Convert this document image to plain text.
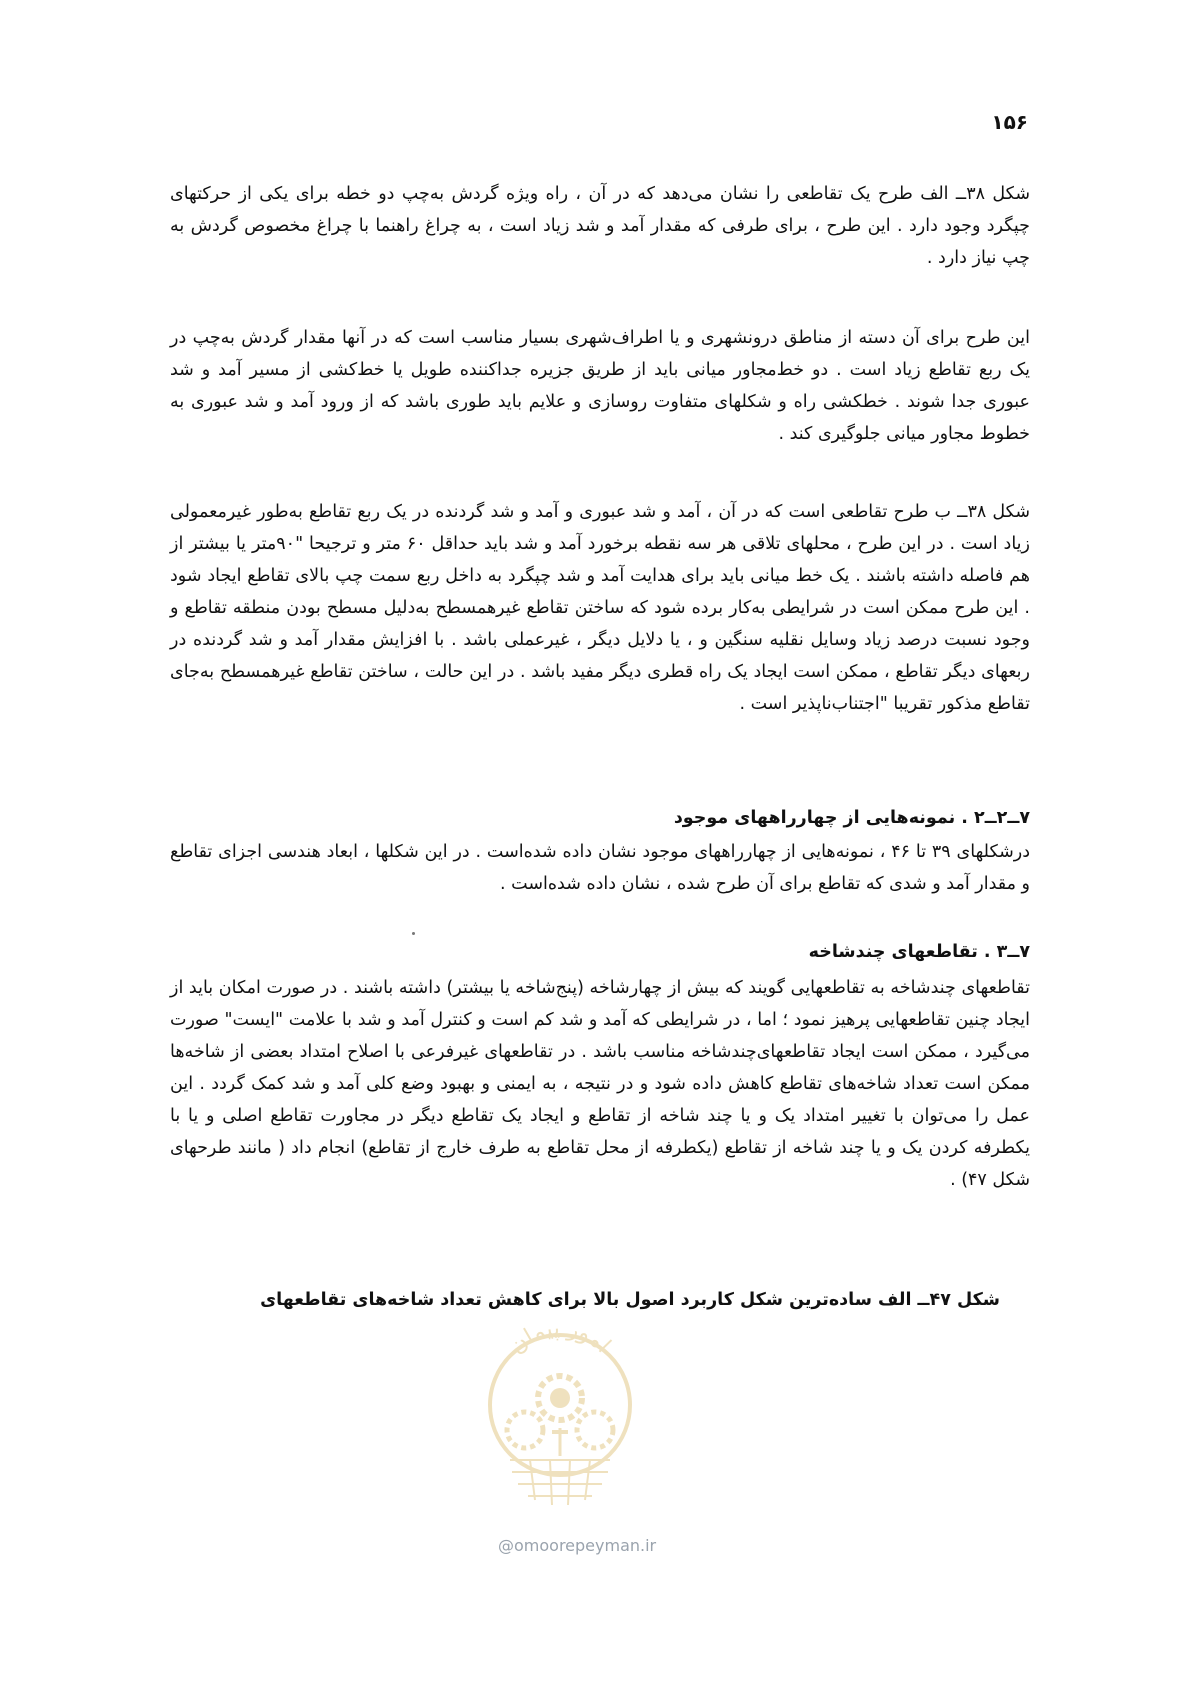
۱۵۶

شکل ۳۸ــ الف طرح یک تقاطعی را نشان می‌دهد که در آن ، راه ویژه گردش به‌چپ دو خطه برای یکی از حرکتهای چپگرد وجود دارد . این طرح ، برای طرفی که مقدار آمد و شد زیاد است ، به چراغ راهنما با چراغ مخصوص گردش به چپ نیاز دارد .

این طرح برای آن دسته از مناطق درونشهری و یا اطراف‌شهری بسیار مناسب است که در آنها مقدار گردش به‌چپ در یک ربع تقاطع زیاد است . دو خط‌مجاور میانی باید از طریق جزیره جداکننده طویل یا خط‌کشی از مسیر آمد و شد عبوری جدا شوند . خطکشی راه و شکلهای متفاوت روسازی و علایم باید طوری باشد که از ورود آمد و شد عبوری به خطوط‌ مجاور میانی جلوگیری کند .

شکل ۳۸ــ ب طرح تقاطعی است که در آن ، آمد و شد عبوری و آمد و شد گردنده در یک ربع تقاطع به‌طور غیرمعمولی زیاد است . در این طرح ، محلهای تلاقی هر سه نقطه برخورد آمد و شد باید حداقل ۶۰ متر و ترجیحا "۹۰متر یا بیشتر از هم فاصله داشته باشند . یک خط‌ میانی باید برای هدایت آمد و شد چپگرد به داخل ربع سمت چپ بالای تقاطع ایجاد شود . این طرح ممکن است در شرایطی به‌کار برده شود که ساختن تقاطع غیرهمسطح به‌دلیل مسطح بودن منطقه تقاطع و وجود نسبت درصد زیاد وسایل نقلیه سنگین و ، یا دلایل دیگر ، غیرعملی باشد . با افزایش مقدار آمد و شد گردنده در ربعهای دیگر تقاطع ، ممکن است ایجاد یک راه قطری دیگر مفید باشد . در این حالت ، ساختن تقاطع غیرهمسطح به‌جای تقاطع مذکور تقریبا "اجتناب‌ناپذیر است .

۷ــ۲ــ۲ . نمونه‌هایی از چهارراههای موجود

درشکلهای ۳۹ تا ۴۶ ، نمونه‌هایی از چهارراههای موجود نشان داده شده‌است . در این شکلها ، ابعاد هندسی اجزای تقاطع و مقدار آمد و شدی که تقاطع برای آن طرح شده ، نشان داده شده‌است .

۷ــ۳ . تقاطعهای چندشاخه

تقاطعهای چندشاخه به تقاطعهایی گویند که بیش از چهارشاخه (پنج‌شاخه یا بیشتر) داشته باشند . در صورت امکان باید از ایجاد چنین تقاطعهایی پرهیز نمود ؛ اما ، در شرایطی که آمد و شد کم است و کنترل آمد و شد با علامت "ایست" صورت می‌گیرد ، ممکن است ایجاد تقاطعهای‌چندشاخه مناسب باشد . در تقاطعهای غیرفرعی با اصلاح امتداد بعضی از شاخه‌ها ممکن است تعداد شاخه‌های تقاطع کاهش داده شود و در نتیجه ، به ایمنی و بهبود وضع کلی آمد و شد کمک گردد . این عمل را می‌توان با تغییر امتداد یک و یا چند شاخه از تقاطع و ایجاد یک تقاطع دیگر در مجاورت تقاطع اصلی و یا با یکطرفه کردن یک و یا چند شاخه از تقاطع (یکطرفه از محل تقاطع به طرف خارج از تقاطع) انجام داد ( مانند طرحهای شکل ۴۷) .

شکل ۴۷ــ الف ساده‌ترین شکل کاربرد اصول بالا برای کاهش تعداد شاخه‌های تقاطعهای

امور پیمان
@omoorepeyman.ir
